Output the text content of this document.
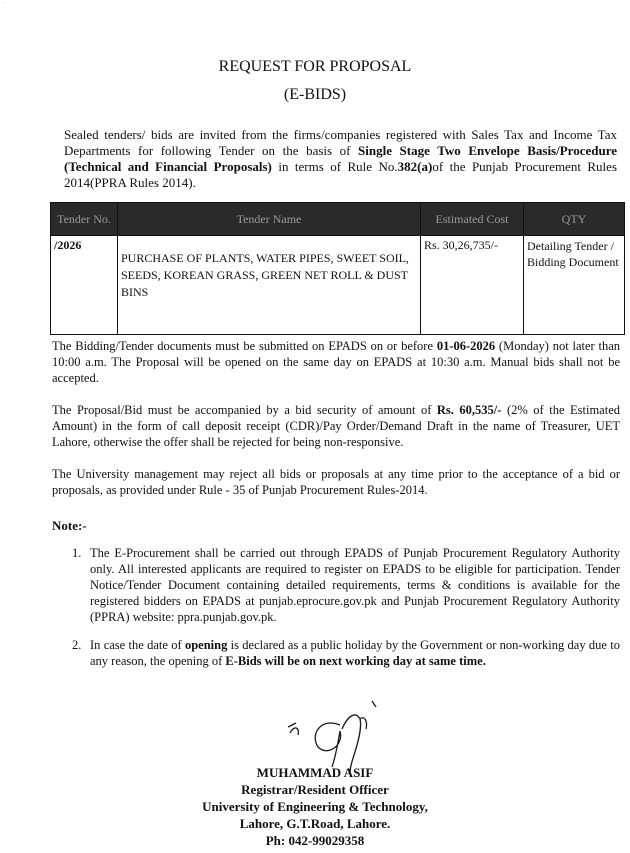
·
REQUEST FOR PROPOSAL
(E-BIDS)
Sealed tenders/ bids are invited from the firms/companies registered with Sales Tax and Income Tax Departments for following Tender on the basis of Single Stage Two Envelope Basis/Procedure (Technical and Financial Proposals) in terms of Rule No.382(a)of the Punjab Procurement Rules 2014(PPRA Rules 2014).
Tender No.	Tender Name	Estimated Cost	QTY
/2026	PURCHASE OF PLANTS, WATER PIPES, SWEET SOIL, SEEDS, KOREAN GRASS, GREEN NET ROLL & DUST BINS	Rs. 30,26,735/-	Detailing Tender / Bidding Document
The Bidding/Tender documents must be submitted on EPADS on or before 01-06-2026 (Monday) not later than 10:00 a.m. The Proposal will be opened on the same day on EPADS at 10:30 a.m. Manual bids shall not be accepted.
The Proposal/Bid must be accompanied by a bid security of amount of Rs. 60,535/- (2% of the Estimated Amount) in the form of call deposit receipt (CDR)/Pay Order/Demand Draft in the name of Treasurer, UET Lahore, otherwise the offer shall be rejected for being non-responsive.
The University management may reject all bids or proposals at any time prior to the acceptance of a bid or proposals, as provided under Rule - 35 of Punjab Procurement Rules-2014.
Note:-
1. The E-Procurement shall be carried out through EPADS of Punjab Procurement Regulatory Authority only. All interested applicants are required to register on EPADS to be eligible for participation. Tender Notice/Tender Document containing detailed requirements, terms & conditions is available for the registered bidders on EPADS at punjab.eprocure.gov.pk and Punjab Procurement Regulatory Authority (PPRA) website: ppra.punjab.gov.pk.
2. In case the date of opening is declared as a public holiday by the Government or non-working day due to any reason, the opening of E-Bids will be on next working day at same time.
MUHAMMAD ASIF
Registrar/Resident Officer
University of Engineering & Technology,
Lahore, G.T.Road, Lahore.
Ph: 042-99029358
